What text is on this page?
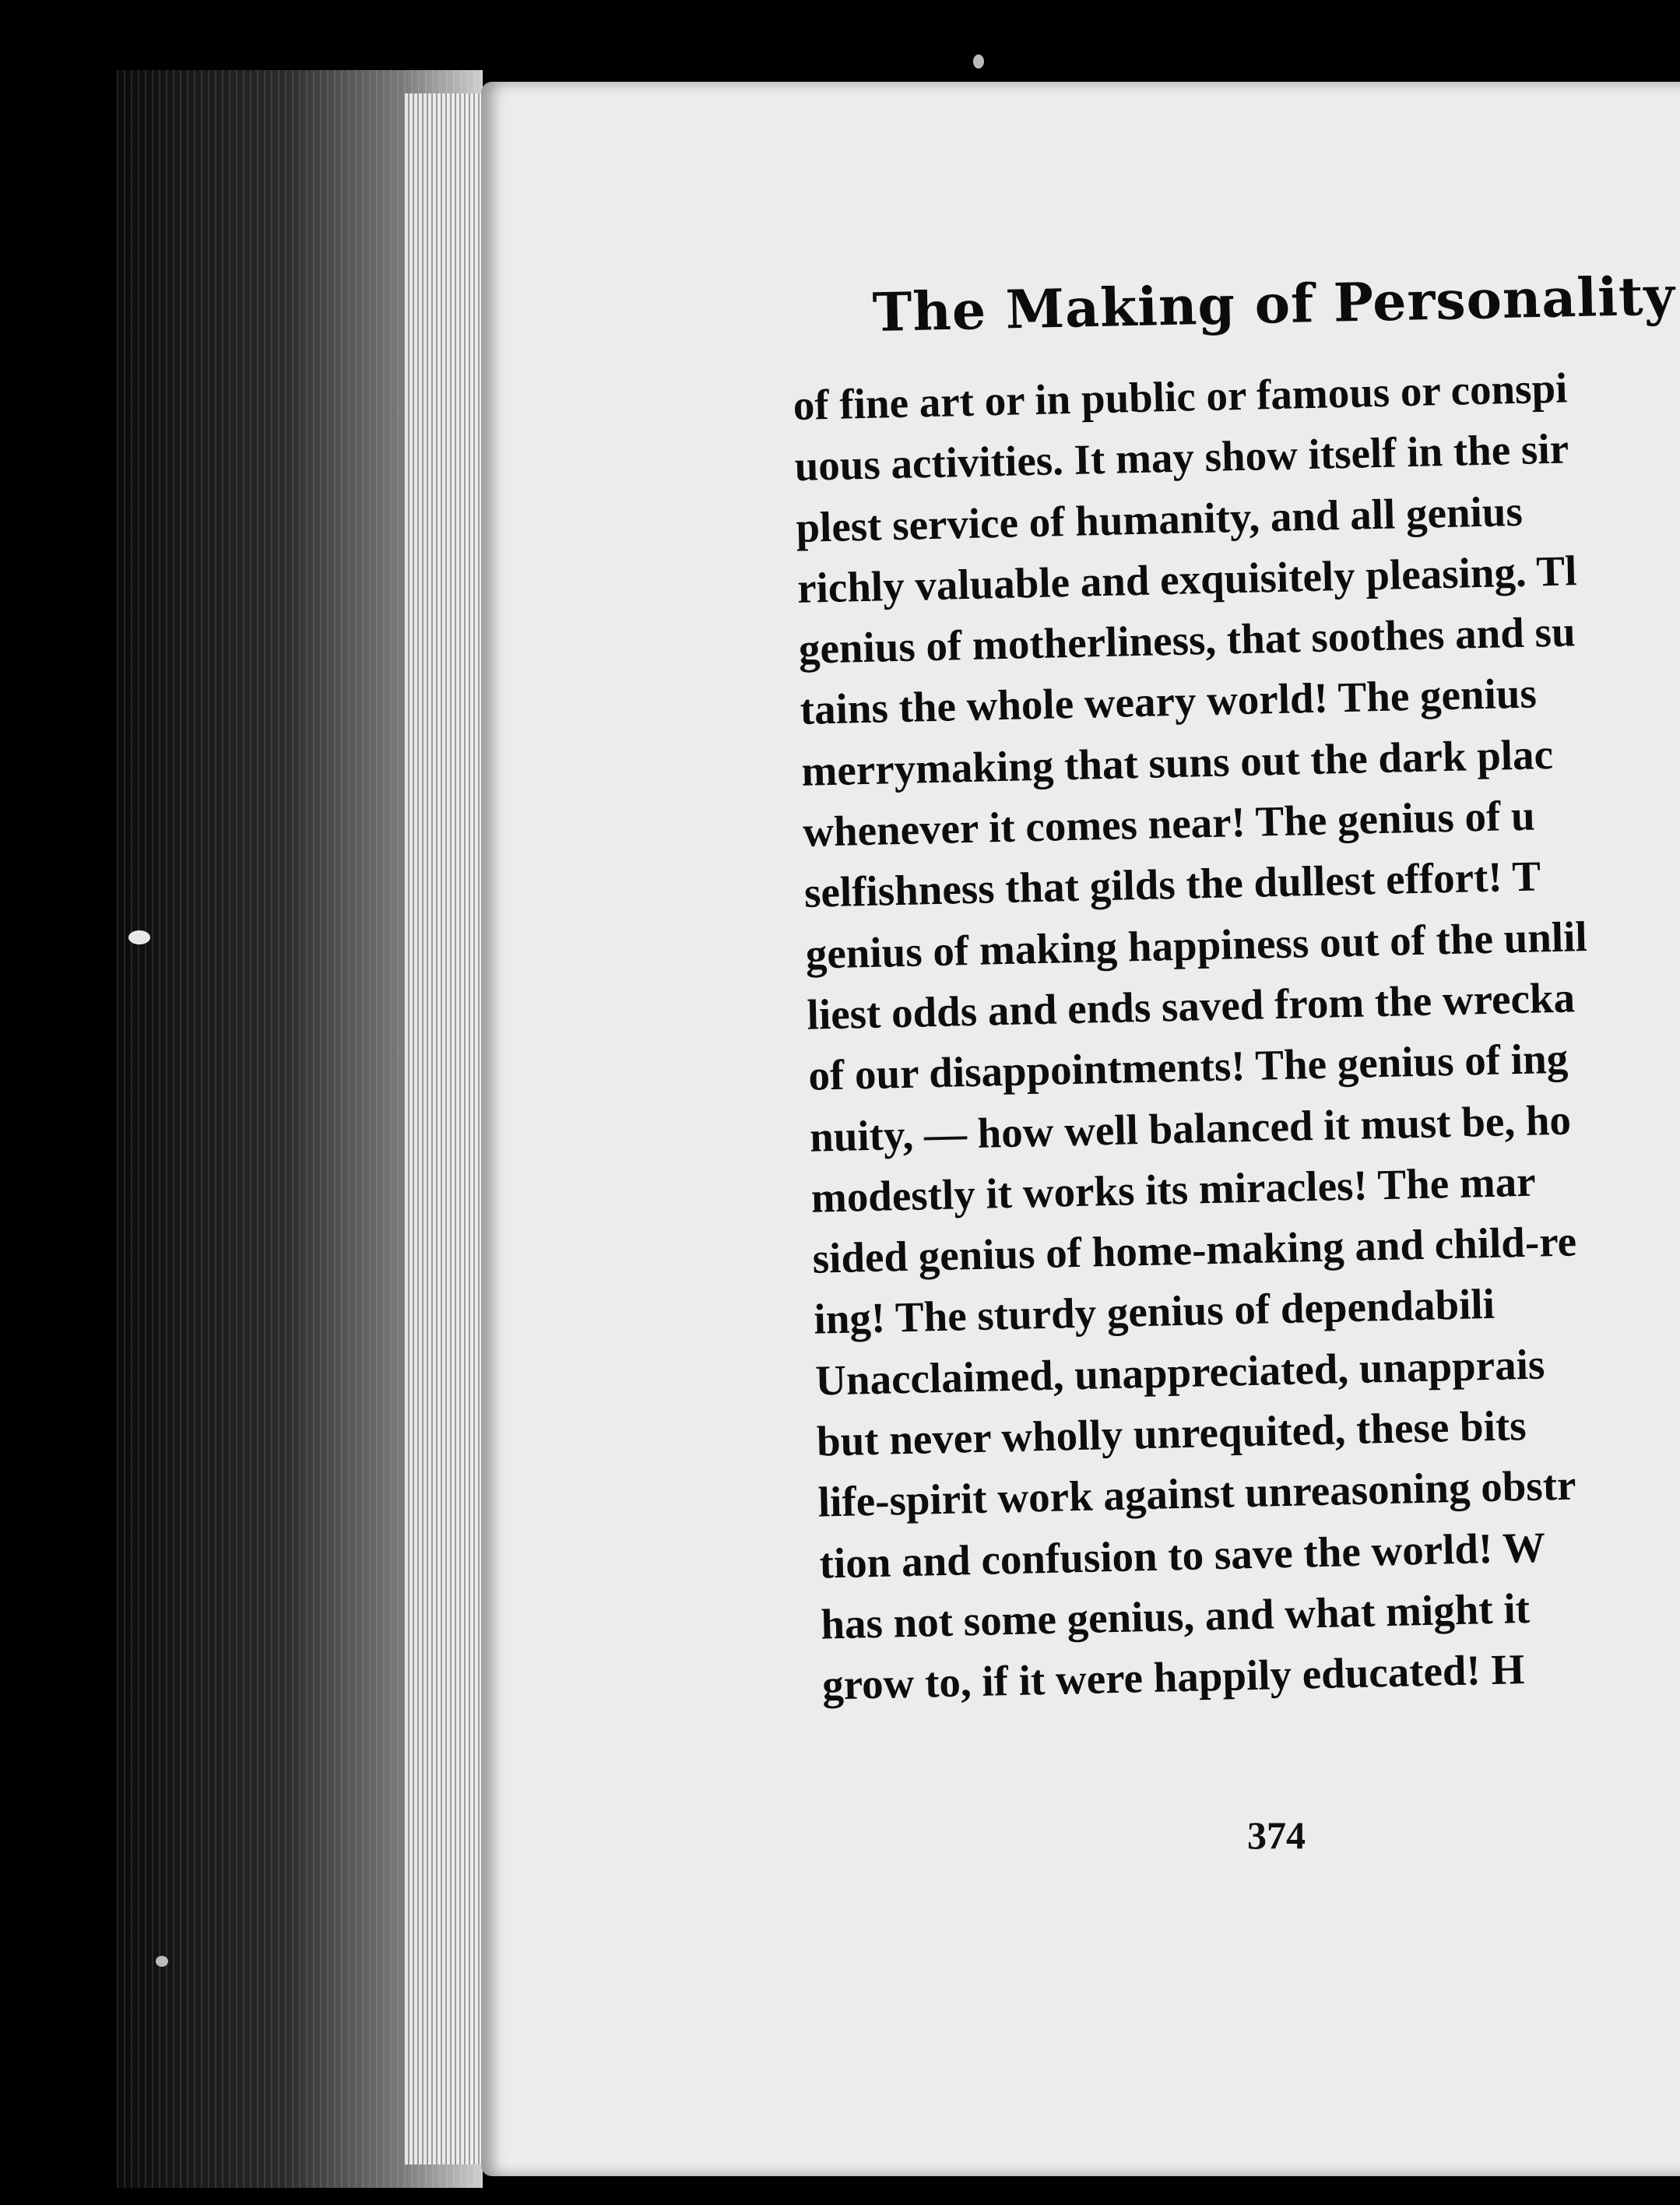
The Making of Personality
of fine art or in public or famous or conspi
uous activities. It may show itself in the sir
plest service of humanity, and all genius
richly valuable and exquisitely pleasing. Tl
genius of motherliness, that soothes and su
tains the whole weary world! The genius
merrymaking that suns out the dark plac
whenever it comes near! The genius of u
selfishness that gilds the dullest effort! T
genius of making happiness out of the unlil
liest odds and ends saved from the wrecka
of our disappointments! The genius of ing
nuity, — how well balanced it must be, ho
modestly it works its miracles! The mar
sided genius of home-making and child-re
ing! The sturdy genius of dependabili
Unacclaimed, unappreciated, unapprais
but never wholly unrequited, these bits
life-spirit work against unreasoning obstr
tion and confusion to save the world! W
has not some genius, and what might it
grow to, if it were happily educated! H

374
